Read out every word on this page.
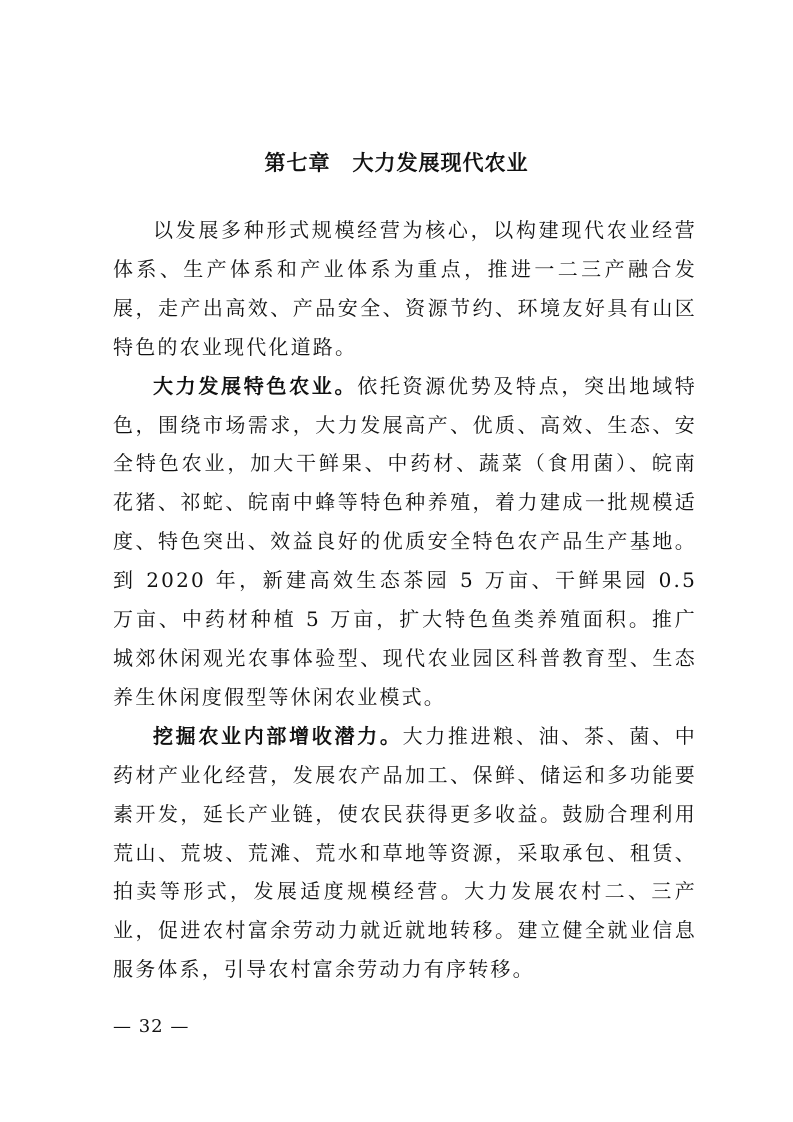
第七章　大力发展现代农业

以发展多种形式规模经营为核心，以构建现代农业经营体系、生产体系和产业体系为重点，推进一二三产融合发展，走产出高效、产品安全、资源节约、环境友好具有山区特色的农业现代化道路。

大力发展特色农业。依托资源优势及特点，突出地域特色，围绕市场需求，大力发展高产、优质、高效、生态、安全特色农业，加大干鲜果、中药材、蔬菜（食用菌）、皖南花猪、祁蛇、皖南中蜂等特色种养殖，着力建成一批规模适度、特色突出、效益良好的优质安全特色农产品生产基地。到 2020 年，新建高效生态茶园 5 万亩、干鲜果园 0.5 万亩、中药材种植 5 万亩，扩大特色鱼类养殖面积。推广城郊休闲观光农事体验型、现代农业园区科普教育型、生态养生休闲度假型等休闲农业模式。

挖掘农业内部增收潜力。大力推进粮、油、茶、菌、中药材产业化经营，发展农产品加工、保鲜、储运和多功能要素开发，延长产业链，使农民获得更多收益。鼓励合理利用荒山、荒坡、荒滩、荒水和草地等资源，采取承包、租赁、拍卖等形式，发展适度规模经营。大力发展农村二、三产业，促进农村富余劳动力就近就地转移。建立健全就业信息服务体系，引导农村富余劳动力有序转移。

— 32 —
